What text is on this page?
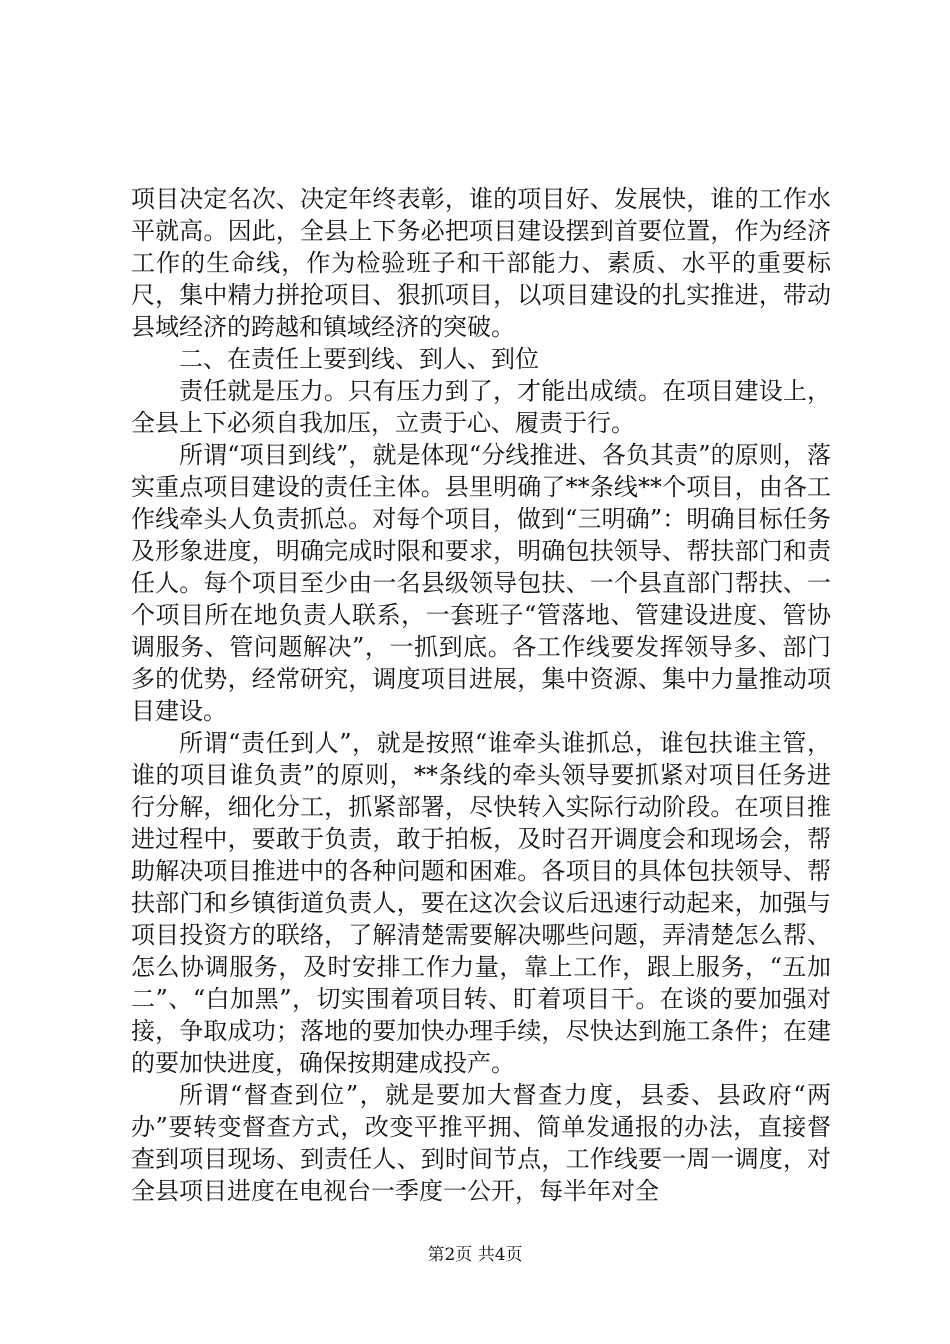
项目决定名次、决定年终表彰，谁的项目好、发展快，谁的工作水平就高。因此，全县上下务必把项目建设摆到首要位置，作为经济工作的生命线，作为检验班子和干部能力、素质、水平的重要标尺，集中精力拼抢项目、狠抓项目，以项目建设的扎实推进，带动县域经济的跨越和镇域经济的突破。

二、在责任上要到线、到人、到位

责任就是压力。只有压力到了，才能出成绩。在项目建设上，全县上下必须自我加压，立责于心、履责于行。

所谓“项目到线”，就是体现“分线推进、各负其责”的原则，落实重点项目建设的责任主体。县里明确了**条线**个项目，由各工作线牵头人负责抓总。对每个项目，做到“三明确”：明确目标任务及形象进度，明确完成时限和要求，明确包扶领导、帮扶部门和责任人。每个项目至少由一名县级领导包扶、一个县直部门帮扶、一个项目所在地负责人联系，一套班子“管落地、管建设进度、管协调服务、管问题解决”，一抓到底。各工作线要发挥领导多、部门多的优势，经常研究，调度项目进展，集中资源、集中力量推动项目建设。

所谓“责任到人”，就是按照“谁牵头谁抓总，谁包扶谁主管，谁的项目谁负责”的原则，**条线的牵头领导要抓紧对项目任务进行分解，细化分工，抓紧部署，尽快转入实际行动阶段。在项目推进过程中，要敢于负责，敢于拍板，及时召开调度会和现场会，帮助解决项目推进中的各种问题和困难。各项目的具体包扶领导、帮扶部门和乡镇街道负责人，要在这次会议后迅速行动起来，加强与项目投资方的联络，了解清楚需要解决哪些问题，弄清楚怎么帮、怎么协调服务，及时安排工作力量，靠上工作，跟上服务，“五加二”、“白加黑”，切实围着项目转、盯着项目干。在谈的要加强对接，争取成功；落地的要加快办理手续，尽快达到施工条件；在建的要加快进度，确保按期建成投产。

所谓“督查到位”，就是要加大督查力度，县委、县政府“两办”要转变督查方式，改变平推平拥、简单发通报的办法，直接督查到项目现场、到责任人、到时间节点，工作线要一周一调度，对全县项目进度在电视台一季度一公开，每半年对全

第2页 共4页
